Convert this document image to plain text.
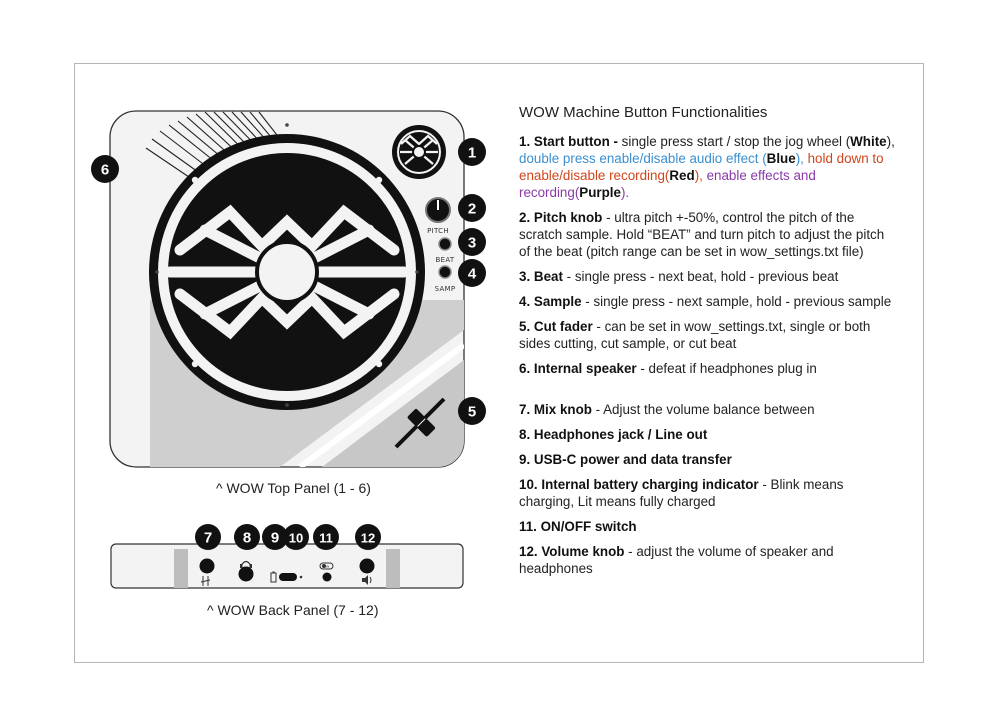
PITCH
BEAT
SAMP
1
2
3
4
5
6
ON
7 8 9 10 11 12
^ WOW Top Panel (1 - 6)
^ WOW Back Panel (7 - 12)
WOW Machine Button Functionalities
1. Start button - single press start / stop the jog wheel (White), double press enable/disable audio effect (Blue), hold down to enable/disable recording(Red), enable effects and recording(Purple).
2. Pitch knob - ultra pitch +-50%, control the pitch of the scratch sample. Hold “BEAT” and turn pitch to adjust the pitch of the beat (pitch range can be set in wow_settings.txt file)
3. Beat - single press - next beat, hold - previous beat
4. Sample - single press - next sample, hold - previous sample
5. Cut fader - can be set in wow_settings.txt, single or both sides cutting, cut sample, or cut beat
6. Internal speaker - defeat if headphones plug in
7. Mix knob - Adjust the volume balance between
8. Headphones jack / Line out
9. USB-C power and data transfer
10. Internal battery charging indicator - Blink means charging, Lit means fully charged
11. ON/OFF switch
12. Volume knob - adjust the volume of speaker and headphones
